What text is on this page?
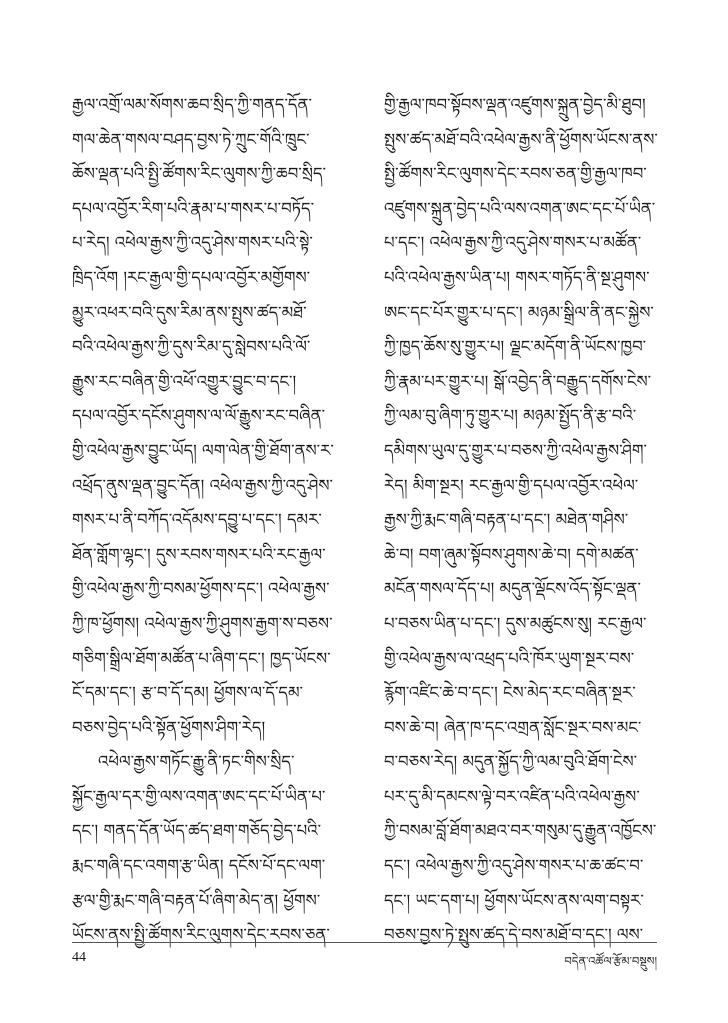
རྒྱལ་འགྲོ་ལམ་སོགས་ཆབ་སྲིད་ཀྱི་གནད་དོན་
གལ་ཆེན་གསལ་བཤད་བྱས་ཏེ་ཀྲུང་གོའི་ཁྲུང་
ཆོས་ལྡན་པའི་སྤྱི་ཚོགས་རིང་ལུགས་ཀྱི་ཆབ་སྲིད་
དཔལ་འབྱོར་རིག་པའི་རྣམ་པ་གསར་པ་བཏོད་
པ་རེད། འཕེལ་རྒྱས་ཀྱི་འདུ་ཤེས་གསར་པའི་སྟེ་
ཁྲིད་འོག །རང་རྒྱལ་གྱི་དཔལ་འབྱོར་མགྱོགས་
མྱུར་འཕར་བའི་དུས་རིམ་ནས་སྤུས་ཚད་མཐོ་
བའི་འཕེལ་རྒྱས་ཀྱི་དུས་རིམ་དུ་སླེབས་པའི་ལོ་
རྒྱུས་རང་བཞིན་གྱི་འཕོ་འགྱུར་བྱུང་བ་དང་།
དཔལ་འབྱོར་དངོས་ཤུགས་ལ་ལོ་རྒྱུས་རང་བཞིན་
གྱི་འཕེལ་རྒྱས་བྱུང་ཡོད། ལག་ལེན་གྱི་ཐོག་ནས་ར་
འཕྲོད་ནུས་ལྡན་བྱུང་དོན། འཕེལ་རྒྱས་ཀྱི་འདུ་ཤེས་
གསར་པ་ནི་བཀོད་འདོམས་དབྱུ་པ་དང་། དམར་
ཐོན་གློག་ལྷང་། དུས་རབས་གསར་པའི་རང་རྒྱལ་
གྱི་འཕེལ་རྒྱས་ཀྱི་བསམ་ཕྱོགས་དང་། འཕེལ་རྒྱས་
ཀྱི་ཁ་ཕྱོགས། འཕེལ་རྒྱས་ཀྱི་ཤུགས་རྒྱག་ས་བཅས་
གཅིག་སྒྲིལ་ཐོག་མཚོན་པ་ཞིག་དང་། ཁྱད་ཡོངས་
ངོ་དམ་དང་། རྩ་བ་དོ་དམ། ཕྱོགས་ལ་དོ་དམ་
བཅས་བྱེད་པའི་སྟོན་ཕྱོགས་ཤིག་རེད།
འཕེལ་རྒྱས་གཏོང་རྒྱུ་ནི་ཏང་གིས་སྲིད་
སྐྱོང་རྒྱལ་དར་གྱི་ལས་འགན་ཨང་དང་པོ་ཡིན་པ་
དང་། གནད་དོན་ཡོད་ཚད་ཐག་གཅོད་བྱེད་པའི་
རྨང་གཞི་དང་འགག་རྩ་ཡིན། དངོས་པོ་དང་ལག་
རྩལ་གྱི་རྨང་གཞི་བརྟན་པོ་ཞིག་མེད་ན། ཕྱོགས་
ཡོངས་ནས་སྤྱི་ཚོགས་རིང་ལུགས་དེང་རབས་ཅན་
གྱི་རྒྱལ་ཁབ་སྟོབས་ལྡན་འཛུགས་སྐྲུན་བྱེད་མི་ཐུབ།
སྤུས་ཚད་མཐོ་བའི་འཕེལ་རྒྱས་ནི་ཕྱོགས་ཡོངས་ནས་
སྤྱི་ཚོགས་རིང་ལུགས་དེང་རབས་ཅན་གྱི་རྒྱལ་ཁབ་
འཛུགས་སྐྲུན་བྱེད་པའི་ལས་འགན་ཨང་དང་པོ་ཡིན་
པ་དང་། འཕེལ་རྒྱས་ཀྱི་འདུ་ཤེས་གསར་པ་མཚོན་
པའི་འཕེལ་རྒྱས་ཡིན་པ། གསར་གཏོད་ནི་སྔ་ཤུགས་
ཨང་དང་པོར་གྱུར་པ་དང་། མཉམ་སྒྲིལ་ནི་ནང་སྐྱེས་
ཀྱི་ཁྱད་ཆོས་སུ་གྱུར་པ། ལྗང་མདོག་ནི་ཡོངས་ཁྱབ་
ཀྱི་རྣམ་པར་གྱུར་པ། སྒོ་འབྱེད་ནི་བརྒྱུད་དགོས་ངེས་
ཀྱི་ལམ་བུ་ཞིག་ཏུ་གྱུར་པ། མཉམ་སྤྱོད་ནི་རྩ་བའི་
དམིགས་ཡུལ་དུ་གྱུར་པ་བཅས་ཀྱི་འཕེལ་རྒྱས་ཤིག་
རེད། མིག་སྔར། རང་རྒྱལ་གྱི་དཔལ་འབྱོར་འཕེལ་
རྒྱས་ཀྱི་རྨང་གཞི་བརྟན་པ་དང་། མཐེན་གཤིས་
ཆེ་བ། བག་ཞུམ་སྟོབས་ཤུགས་ཆེ་བ། དགེ་མཚན་
མངོན་གསལ་དོད་པ། མདུན་ལྡོངས་འོད་སྟོང་ལྡན་
པ་བཅས་ཡིན་པ་དང་། དུས་མཚུངས་སུ། རང་རྒྱལ་
གྱི་འཕེལ་རྒྱས་ལ་འཕྲད་པའི་ཁོར་ཡུག་སྔར་བས་
རྙོག་འཛིང་ཆེ་བ་དང་། ངེས་མེད་རང་བཞིན་སྔར་
བས་ཆེ་བ། ཞེན་ཁ་དང་འགྲན་སློང་སྔར་བས་མང་
བ་བཅས་རེད། མདུན་སྐྱོད་ཀྱི་ལམ་བུའི་ཐོག་ངེས་
པར་དུ་མི་དམངས་ལྟེ་བར་འཛིན་པའི་འཕེལ་རྒྱས་
ཀྱི་བསམ་བློ་ཐོག་མཐའ་བར་གསུམ་དུ་རྒྱུན་འཁྱོངས་
དང་། འཕེལ་རྒྱས་ཀྱི་འདུ་ཤེས་གསར་པ་ཆ་ཚང་བ་
དང་། ཡང་དག་པ། ཕྱོགས་ཡོངས་ནས་ལག་བསྟར་
བཅས་བྱས་ཏེ་སྤུས་ཚད་དེ་བས་མཐོ་བ་དང་། ལས་
44	བདེན་འཚོལ་རྩོམ་བསྡུས།
